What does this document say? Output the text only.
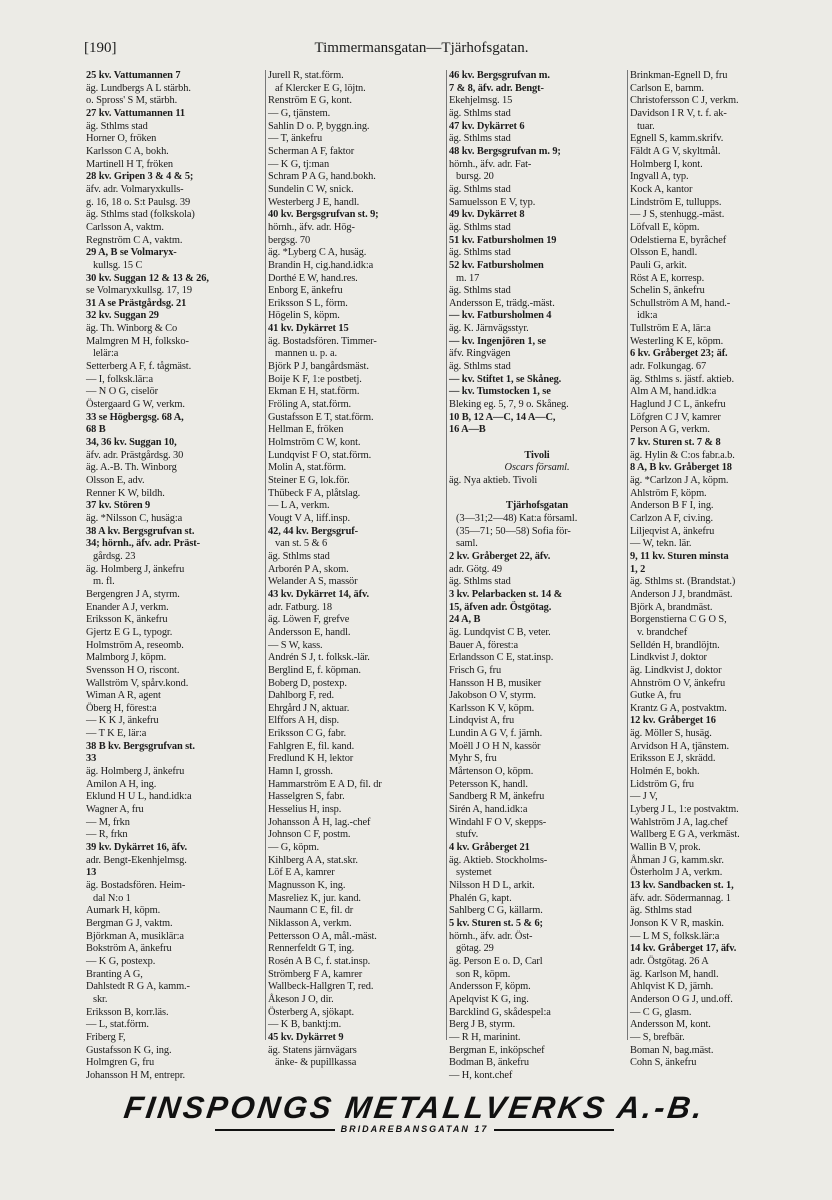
[190]	Timmermansgatan—Tjärhofsgatan.
25 kv. Vattumannen 7
äg. Lundbergs A L stärbh.
o. Spross' S M, stärbh.
27 kv. Vattumannen 11
äg. Sthlms stad
Horner O, fröken
Karlsson C A, bokh.
Martinell H T, fröken
28 kv. Gripen 3 & 4 & 5;
äfv. adr. Volmaryxkulls-
g. 16, 18 o. S:t Paulsg. 39
äg. Sthlms stad (folkskola)
Carlsson A, vaktm.
Regnström C A, vaktm.
29 A, B se Volmaryx-
kullsg. 15 C
30 kv. Suggan 12 & 13 & 26,
se Volmaryxkullsg. 17, 19
31 A se Prästgårdsg. 21
32 kv. Suggan 29
äg. Th. Winborg & Co
Malmgren M H, folksko-
lelär:a
Setterberg A F, f. tågmäst.
— I, folksk.lär:a
— N O G, ciselör
Östergaard G W, verkm.
33 se Högbergsg. 68 A,
68 B
34, 36 kv. Suggan 10,
äfv. adr. Prästgårdsg. 30
äg. A.-B. Th. Winborg
Olsson E, adv.
Renner K W, bildh.
37 kv. Stören 9
äg. *Nilsson C, husäg:a
38 A kv. Bergsgrufvan st.
34; hörnh., äfv. adr. Präst-
gårdsg. 23
äg. Holmberg J, änkefru
m. fl.
Bergengren J A, styrm.
Enander A J, verkm.
Eriksson K, änkefru
Gjertz E G L, typogr.
Holmström A, reseomb.
Malmborg J, köpm.
Svensson H O, riscont.
Wallström V, spårv.kond.
Wiman A R, agent
Öberg H, förest:a
— K K J, änkefru
— T K E, lär:a
38 B kv. Bergsgrufvan st.
33
äg. Holmberg J, änkefru
Amilon A H, ing.
Eklund H U L, hand.idk:a
Wagner A, fru
— M, frkn
— R, frkn
39 kv. Dykärret 16, äfv.
adr. Bengt-Ekenhjelmsg.
13
äg. Bostadsfören. Heim-
dal N:o 1
Aumark H, köpm.
Bergman G J, vaktm.
Björkman A, musiklär:a
Bokström A, änkefru
— K G, postexp.
Branting A G,
Dahlstedt R G A, kamm.-
skr.
Eriksson B, korr.läs.
— L, stat.förm.
Friberg F,
Gustafsson K G, ing.
Holmgren G, fru
Johansson H M, entrepr.
Jurell R, stat.förm.
af Klercker E G, löjtn.
Renström E G, kont.
— G, tjänstem.
Sahlin D o. P, byggn.ing.
— T, änkefru
Scherman A F, faktor
— K G, tj:man
Schram P A G, hand.bokh.
Sundelin C W, snick.
Westerberg J E, handl.
40 kv. Bergsgrufvan st. 9;
hörnh., äfv. adr. Hög-
bergsg. 70
äg. *Lyberg C A, husäg.
Brandin H, cig.hand.idk:a
Dorthé E W, hand.res.
Enborg E, änkefru
Eriksson S L, förm.
Högelin S, köpm.
41 kv. Dykärret 15
äg. Bostadsfören. Timmer-
mannen u. p. a.
Björk P J, bangårdsmäst.
Boije K F, 1:e postbetj.
Ekman E H, stat.förm.
Fröling A, stat.förm.
Gustafsson E T, stat.förm.
Hellman E, fröken
Holmström C W, kont.
Lundqvist F O, stat.förm.
Molin A, stat.förm.
Steiner E G, lok.för.
Thübeck F A, plåtslag.
— L A, verkm.
Vougt V A, liff.insp.
42, 44 kv. Bergsgruf-
van st. 5 & 6
äg. Sthlms stad
Arborén P A, skom.
Welander A S, massör
43 kv. Dykärret 14, äfv.
adr. Fatburg. 18
äg. Löwen F, grefve
Andersson E, handl.
— S W, kass.
Andrén S J, t. folksk.-lär.
Berglind E, f. köpman.
Boberg D, postexp.
Dahlborg F, red.
Ehrgård J N, aktuar.
Elffors A H, disp.
Eriksson C G, fabr.
Fahlgren E, fil. kand.
Fredlund K H, lektor
Hamn I, grossh.
Hammarström E A D, fil. dr
Hasselgren S, fabr.
Hesselius H, insp.
Johansson Å H, lag.-chef
Johnson C F, postm.
— G, köpm.
Kihlberg A A, stat.skr.
Löf E A, kamrer
Magnusson K, ing.
Masreliez K, jur. kand.
Naumann C E, fil. dr
Niklasson A, verkm.
Pettersson O A, mål.-mäst.
Rennerfeldt G T, ing.
Rosén A B C, f. stat.insp.
Strömberg F A, kamrer
Wallbeck-Hallgren T, red.
Åkeson J O, dir.
Österberg A, sjökapt.
— K B, banktj:m.
45 kv. Dykärret 9
äg. Statens järnvägars
änke- & pupillkassa
46 kv. Bergsgrufvan m.
7 & 8, äfv. adr. Bengt-
Ekehjelmsg. 15
äg. Sthlms stad
47 kv. Dykärret 6
äg. Sthlms stad
48 kv. Bergsgrufvan m. 9;
hörnh., äfv. adr. Fat-
bursg. 20
äg. Sthlms stad
Samuelsson E V, typ.
49 kv. Dykärret 8
äg. Sthlms stad
51 kv. Fatbursholmen 19
äg. Sthlms stad
52 kv. Fatbursholmen
m. 17
äg. Sthlms stad
Andersson E, trädg.-mäst.
— kv. Fatbursholmen 4
äg. K. Järnvägsstyr.
— kv. Ingenjören 1, se
äfv. Ringvägen
äg. Sthlms stad
— kv. Stiftet 1, se Skåneg.
— kv. Tumstocken 1, se
Bleking eg. 5, 7, 9 o. Skåneg.
10 B, 12 A—C, 14 A—C,
16 A—B

Tivoli
Oscars församl.
äg. Nya aktieb. Tivoli

Tjärhofsgatan
(3—31;2—48) Kat:a församl.
(35—71; 50—58) Sofia för-
saml.
2 kv. Gråberget 22, äfv.
adr. Götg. 49
äg. Sthlms stad
3 kv. Pelarbacken st. 14 &
15, äfven adr. Östgötag.
24 A, B
äg. Lundqvist C B, veter.
Bauer A, förest:a
Erlandsson C E, stat.insp.
Frisch G, fru
Hansson H B, musiker
Jakobson O V, styrm.
Karlsson K V, köpm.
Lindqvist A, fru
Lundin A G V, f. järnh.
Moëll J O H N, kassör
Myhr S, fru
Mårtenson O, köpm.
Petersson K, handl.
Sandberg R M, änkefru
Sirén A, hand.idk:a
Windahl F O V, skepps-
stufv.
4 kv. Gråberget 21
äg. Aktieb. Stockholms-
systemet
Nilsson H D L, arkit.
Phalén G, kapt.
Sahlberg C G, källarm.
5 kv. Sturen st. 5 & 6;
hörnh., äfv. adr. Öst-
götag. 29
äg. Person E o. D, Carl
son R, köpm.
Andersson F, köpm.
Apelqvist K G, ing.
Barcklind G, skådespel:a
Berg J B, styrm.
— R H, marinint.
Bergman E, inköpschef
Bodman B, änkefru
— H, kont.chef
Brinkman-Egnell D, fru
Carlson E, barnm.
Christofersson C J, verkm.
Davidson I R V, t. f. ak-
tuar.
Egnell S, kamm.skrifv.
Fäldt A G V, skyltmål.
Holmberg I, kont.
Ingvall A, typ.
Kock A, kantor
Lindström E, tullupps.
— J S, stenhugg.-mäst.
Löfvall E, köpm.
Odelstierna E, byråchef
Olsson E, handl.
Pauli G, arkit.
Röst A E, korresp.
Schelin S, änkefru
Schullström A M, hand.-
idk:a
Tullström E A, lär:a
Westerling K E, köpm.
6 kv. Gråberget 23; äf.
adr. Folkungag. 67
äg. Sthlms s. jästf. aktieb.
Alm A M, hand.idk:a
Haglund J C L, änkefru
Löfgren C J V, kamrer
Person A G, verkm.
7 kv. Sturen st. 7 & 8
äg. Hylin & C:os fabr.a.b.
8 A, B kv. Gråberget 18
äg. *Carlzon J A, köpm.
Ahlström F, köpm.
Anderson B F I, ing.
Carlzon A F, civ.ing.
Liljeqvist A, änkefru
— W, tekn. lär.
9, 11 kv. Sturen minsta
1, 2
äg. Sthlms st. (Brandstat.)
Anderson J J, brandmäst.
Björk A, brandmäst.
Borgenstierna C G O S,
v. brandchef
Selldén H, brandlöjtn.
Lindkvist J, doktor
äg. Lindkvist J, doktor
Ahnström O V, änkefru
Gutke A, fru
Krantz G A, postvaktm.
12 kv. Gråberget 16
äg. Möller S, husäg.
Arvidson H A, tjänstem.
Eriksson E J, skrädd.
Holmén E, bokh.
Lidström G, fru
— J V,
Lyberg J L, 1:e postvaktm.
Wahlström J A, lag.chef
Wallberg E G A, verkmäst.
Wallin B V, prok.
Åhman J G, kamm.skr.
Österholm J A, verkm.
13 kv. Sandbacken st. 1,
äfv. adr. Södermannag. 1
äg. Sthlms stad
Jonson K V R, maskin.
— L M S, folksk.lär:a
14 kv. Gråberget 17, äfv.
adr. Östgötag. 26 A
äg. Karlson M, handl.
Ahlqvist K D, järnh.
Anderson O G J, und.off.
— C G, glasm.
Andersson M, kont.
— S, brefbär.
Boman N, bag.mäst.
Cohn S, änkefru
FINSPONGS METALLVERKS A.-B.
BRIDAREBANSGATAN 17
